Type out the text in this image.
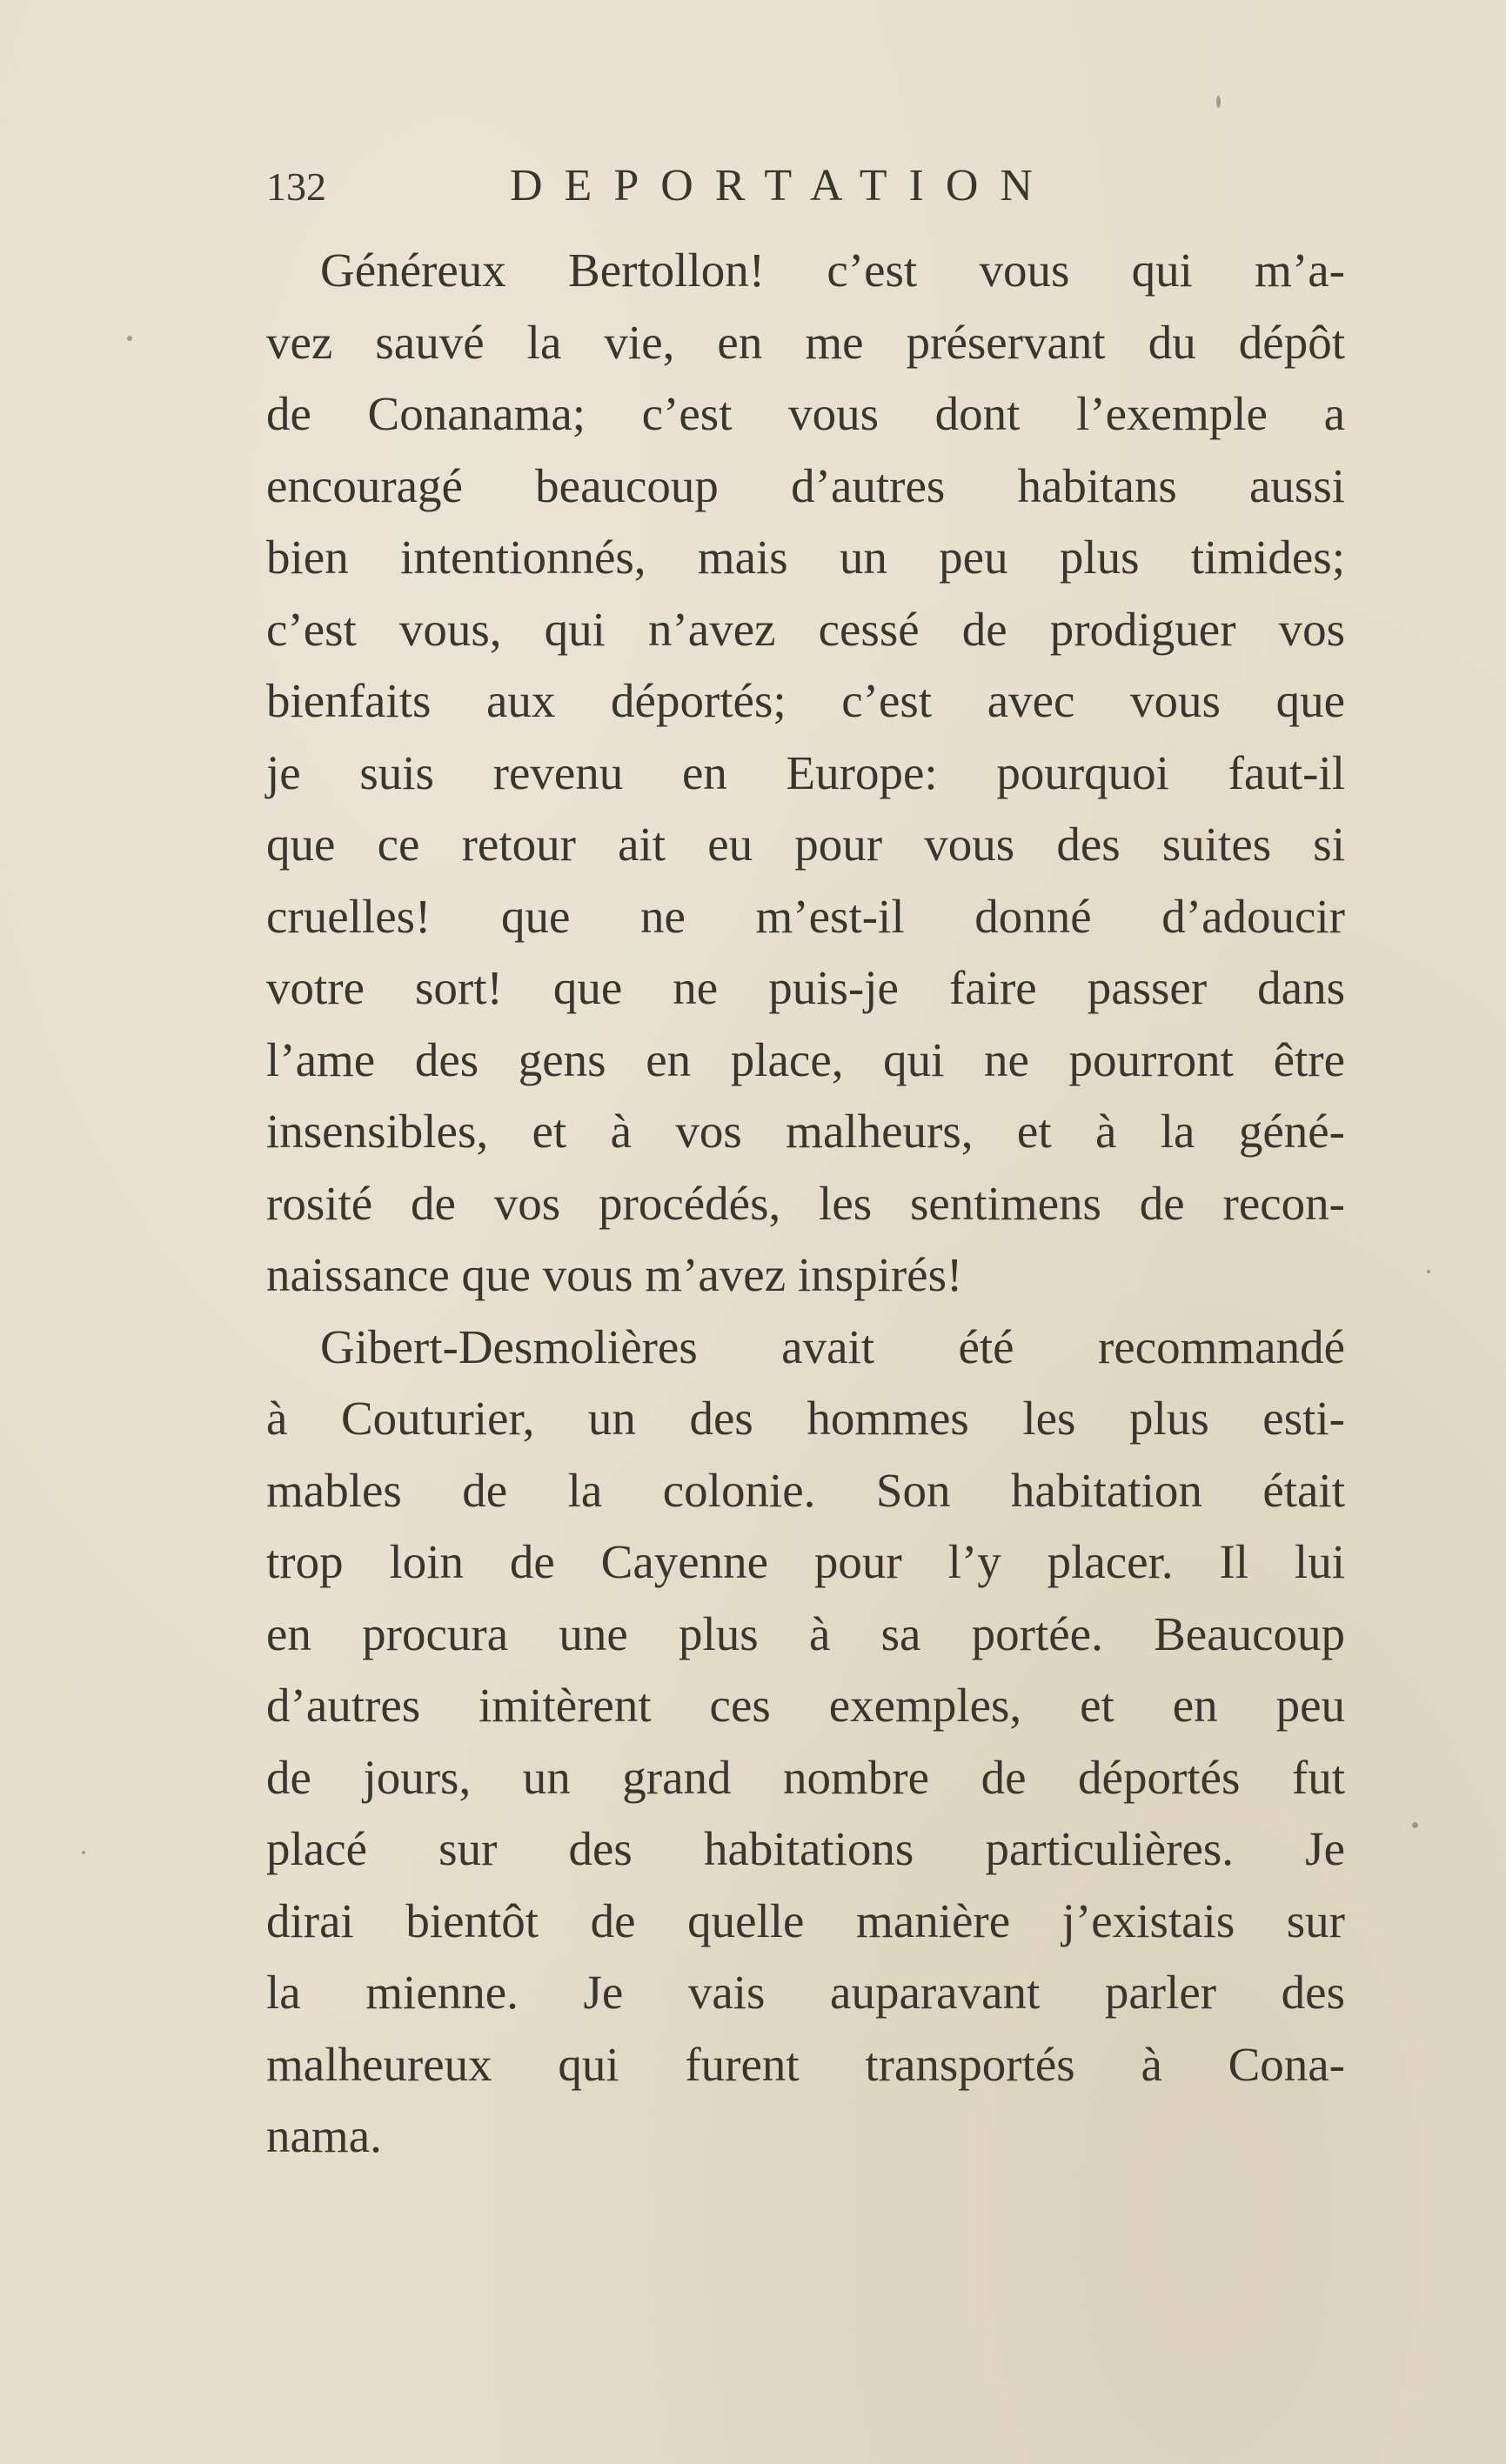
132	DEPORTATION
Généreux Bertollon! c’est vous qui m’a-
vez sauvé la vie, en me préservant du dépôt
de Conanama; c’est vous dont l’exemple a
encouragé beaucoup d’autres habitans aussi
bien intentionnés, mais un peu plus timides;
c’est vous, qui n’avez cessé de prodiguer vos
bienfaits aux déportés; c’est avec vous que
je suis revenu en Europe: pourquoi faut-il
que ce retour ait eu pour vous des suites si
cruelles! que ne m’est-il donné d’adoucir
votre sort! que ne puis-je faire passer dans
l’ame des gens en place, qui ne pourront être
insensibles, et à vos malheurs, et à la géné-
rosité de vos procédés, les sentimens de recon-
naissance que vous m’avez inspirés!
Gibert-Desmolières avait été recommandé
à Couturier, un des hommes les plus esti-
mables de la colonie. Son habitation était
trop loin de Cayenne pour l’y placer. Il lui
en procura une plus à sa portée. Beaucoup
d’autres imitèrent ces exemples, et en peu
de jours, un grand nombre de déportés fut
placé sur des habitations particulières. Je
dirai bientôt de quelle manière j’existais sur
la mienne. Je vais auparavant parler des
malheureux qui furent transportés à Cona-
nama.
